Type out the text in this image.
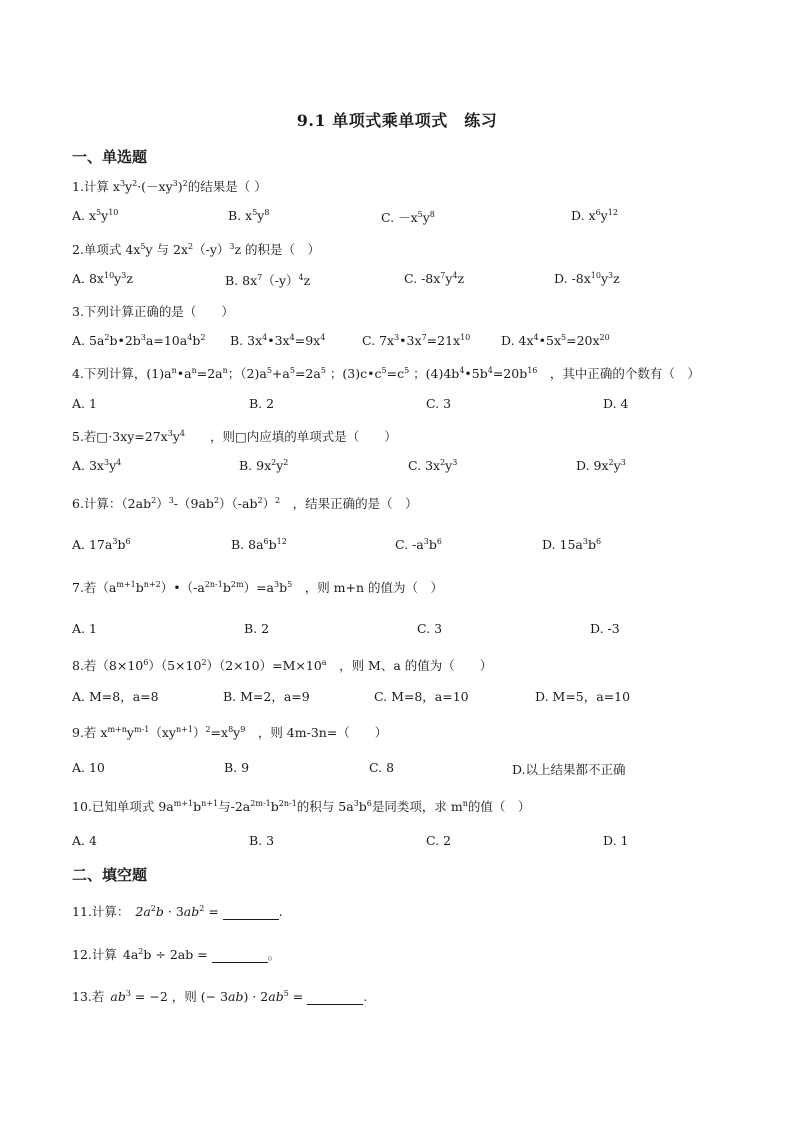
9.1 单项式乘单项式　练习
一、单选题
1.计算 $x^3y^2\cdot(-xy^3)^2$的结果是（ ）
A. $x^5y^{10}$	B. $x^5y^8$	C. $-x^5y^8$	D. $x^6y^{12}$
2.单项式 $4x^5y$ 与 $2x^2(-y)^3z$ 的积是（　）
A. $8x^{10}y^3z$	B. $8x^7(-y)^4z$	C. $-8x^7y^4z$	D. $-8x^{10}y^3z$
3.下列计算正确的是（　　）
A. $5a^2b•2b^3a=10a^4b^2$ B. $3x^4•3x^4=9x^4$	C. $7x^3•3x^7=21x^{10}$ D. $4x^4•5x^5=20x^{20}$
4.下列计算，$(1)a^n•a^n=2a^n$；$(2)a^5+a^5=2a^5$ ；$(3)c•c^5=c^5$ ；$(4)4b^4•5b^4=20b^{16}$　，其中正确的个数有（　）
A. 1	B. 2	C. 3	D. 4
5.若$□\cdot 3xy=27x^3y^4$　　，则□内应填的单项式是（　　）
A. $3x^3y^4$	B. $9x^2y^2$	C. $3x^2y^3$	D. $9x^2y^3$
6.计算：$(2ab^2)^3-(9ab^2)(-ab^2)^2$　，结果正确的是（　）
A. $17a^3b^6$	B. $8a^6b^{12}$	C. $-a^3b^6$	D. $15a^3b^6$
7.若$(a^{m+1}b^{n+2})•(-a^{2n-1}b^{2m})=a^3b^5$　，则 m+n 的值为（　）
A. 1	B. 2	C. 3	D. -3
8.若$(8\times 10^6)(5\times 10^2)(2\times 10)=M\times 10^a$　，则 M、a 的值为（　　）
A. M=8，a=8	B. M=2，a=9	C. M=8，a=10	D. M=5，a=10
9.若 $x^{m+n}y^{m-1}(xy^{n+1})^2=x^8y^9$　，则 4m-3n=（　　）
A. 10	B. 9	C. 8	D.以上结果都不正确
10.已知单项式 $9a^{m+1}b^{n+1}$与$-2a^{2m-1}b^{2n-1}$的积与 $5a^3b^6$是同类项，求 $m^n$的值（　）
A. 4	B. 3	C. 2	D. 1
二、填空题
11.计算： $2a^2b \cdot 3ab^2$ =	.
12.计算 $4a^2b \div 2ab$ =	。
13.若 $ab^3 = -2$ ，则 (− $3ab) \cdot 2ab^5$ =	.
